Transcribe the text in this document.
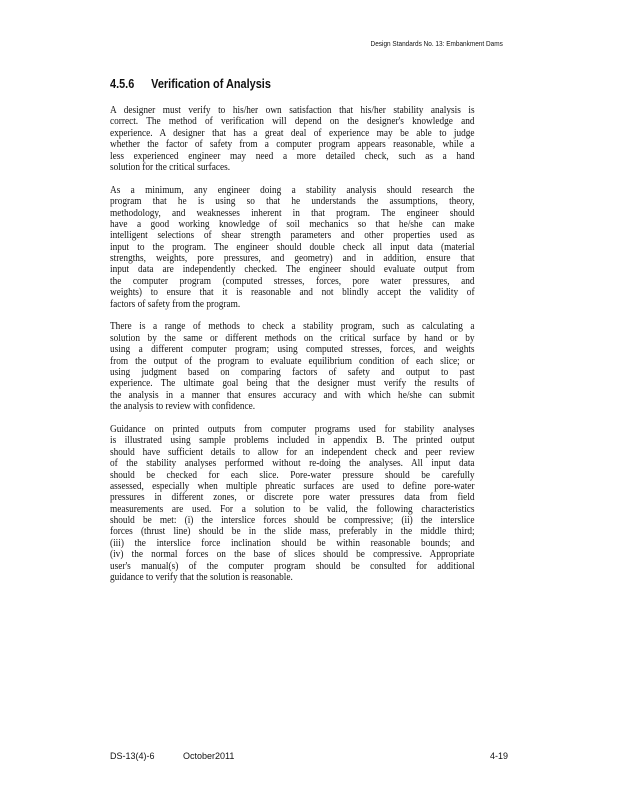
Design Standards No. 13: Embankment Dams
4.5.6 Verification of Analysis
A designer must verify to his/her own satisfaction that his/her stability analysis is
correct. The method of verification will depend on the designer's knowledge and
experience. A designer that has a great deal of experience may be able to judge
whether the factor of safety from a computer program appears reasonable, while a
less experienced engineer may need a more detailed check, such as a hand
solution for the critical surfaces.
As a minimum, any engineer doing a stability analysis should research the
program that he is using so that he understands the assumptions, theory,
methodology, and weaknesses inherent in that program. The engineer should
have a good working knowledge of soil mechanics so that he/she can make
intelligent selections of shear strength parameters and other properties used as
input to the program. The engineer should double check all input data (material
strengths, weights, pore pressures, and geometry) and in addition, ensure that
input data are independently checked. The engineer should evaluate output from
the computer program (computed stresses, forces, pore water pressures, and
weights) to ensure that it is reasonable and not blindly accept the validity of
factors of safety from the program.
There is a range of methods to check a stability program, such as calculating a
solution by the same or different methods on the critical surface by hand or by
using a different computer program; using computed stresses, forces, and weights
from the output of the program to evaluate equilibrium condition of each slice; or
using judgment based on comparing factors of safety and output to past
experience. The ultimate goal being that the designer must verify the results of
the analysis in a manner that ensures accuracy and with which he/she can submit
the analysis to review with confidence.
Guidance on printed outputs from computer programs used for stability analyses
is illustrated using sample problems included in appendix B. The printed output
should have sufficient details to allow for an independent check and peer review
of the stability analyses performed without re-doing the analyses. All input data
should be checked for each slice. Pore-water pressure should be carefully
assessed, especially when multiple phreatic surfaces are used to define pore-water
pressures in different zones, or discrete pore water pressures data from field
measurements are used. For a solution to be valid, the following characteristics
should be met: (i) the interslice forces should be compressive; (ii) the interslice
forces (thrust line) should be in the slide mass, preferably in the middle third;
(iii) the interslice force inclination should be within reasonable bounds; and
(iv) the normal forces on the base of slices should be compressive. Appropriate
user's manual(s) of the computer program should be consulted for additional
guidance to verify that the solution is reasonable.
DS-13(4)-6	October2011	4-19
